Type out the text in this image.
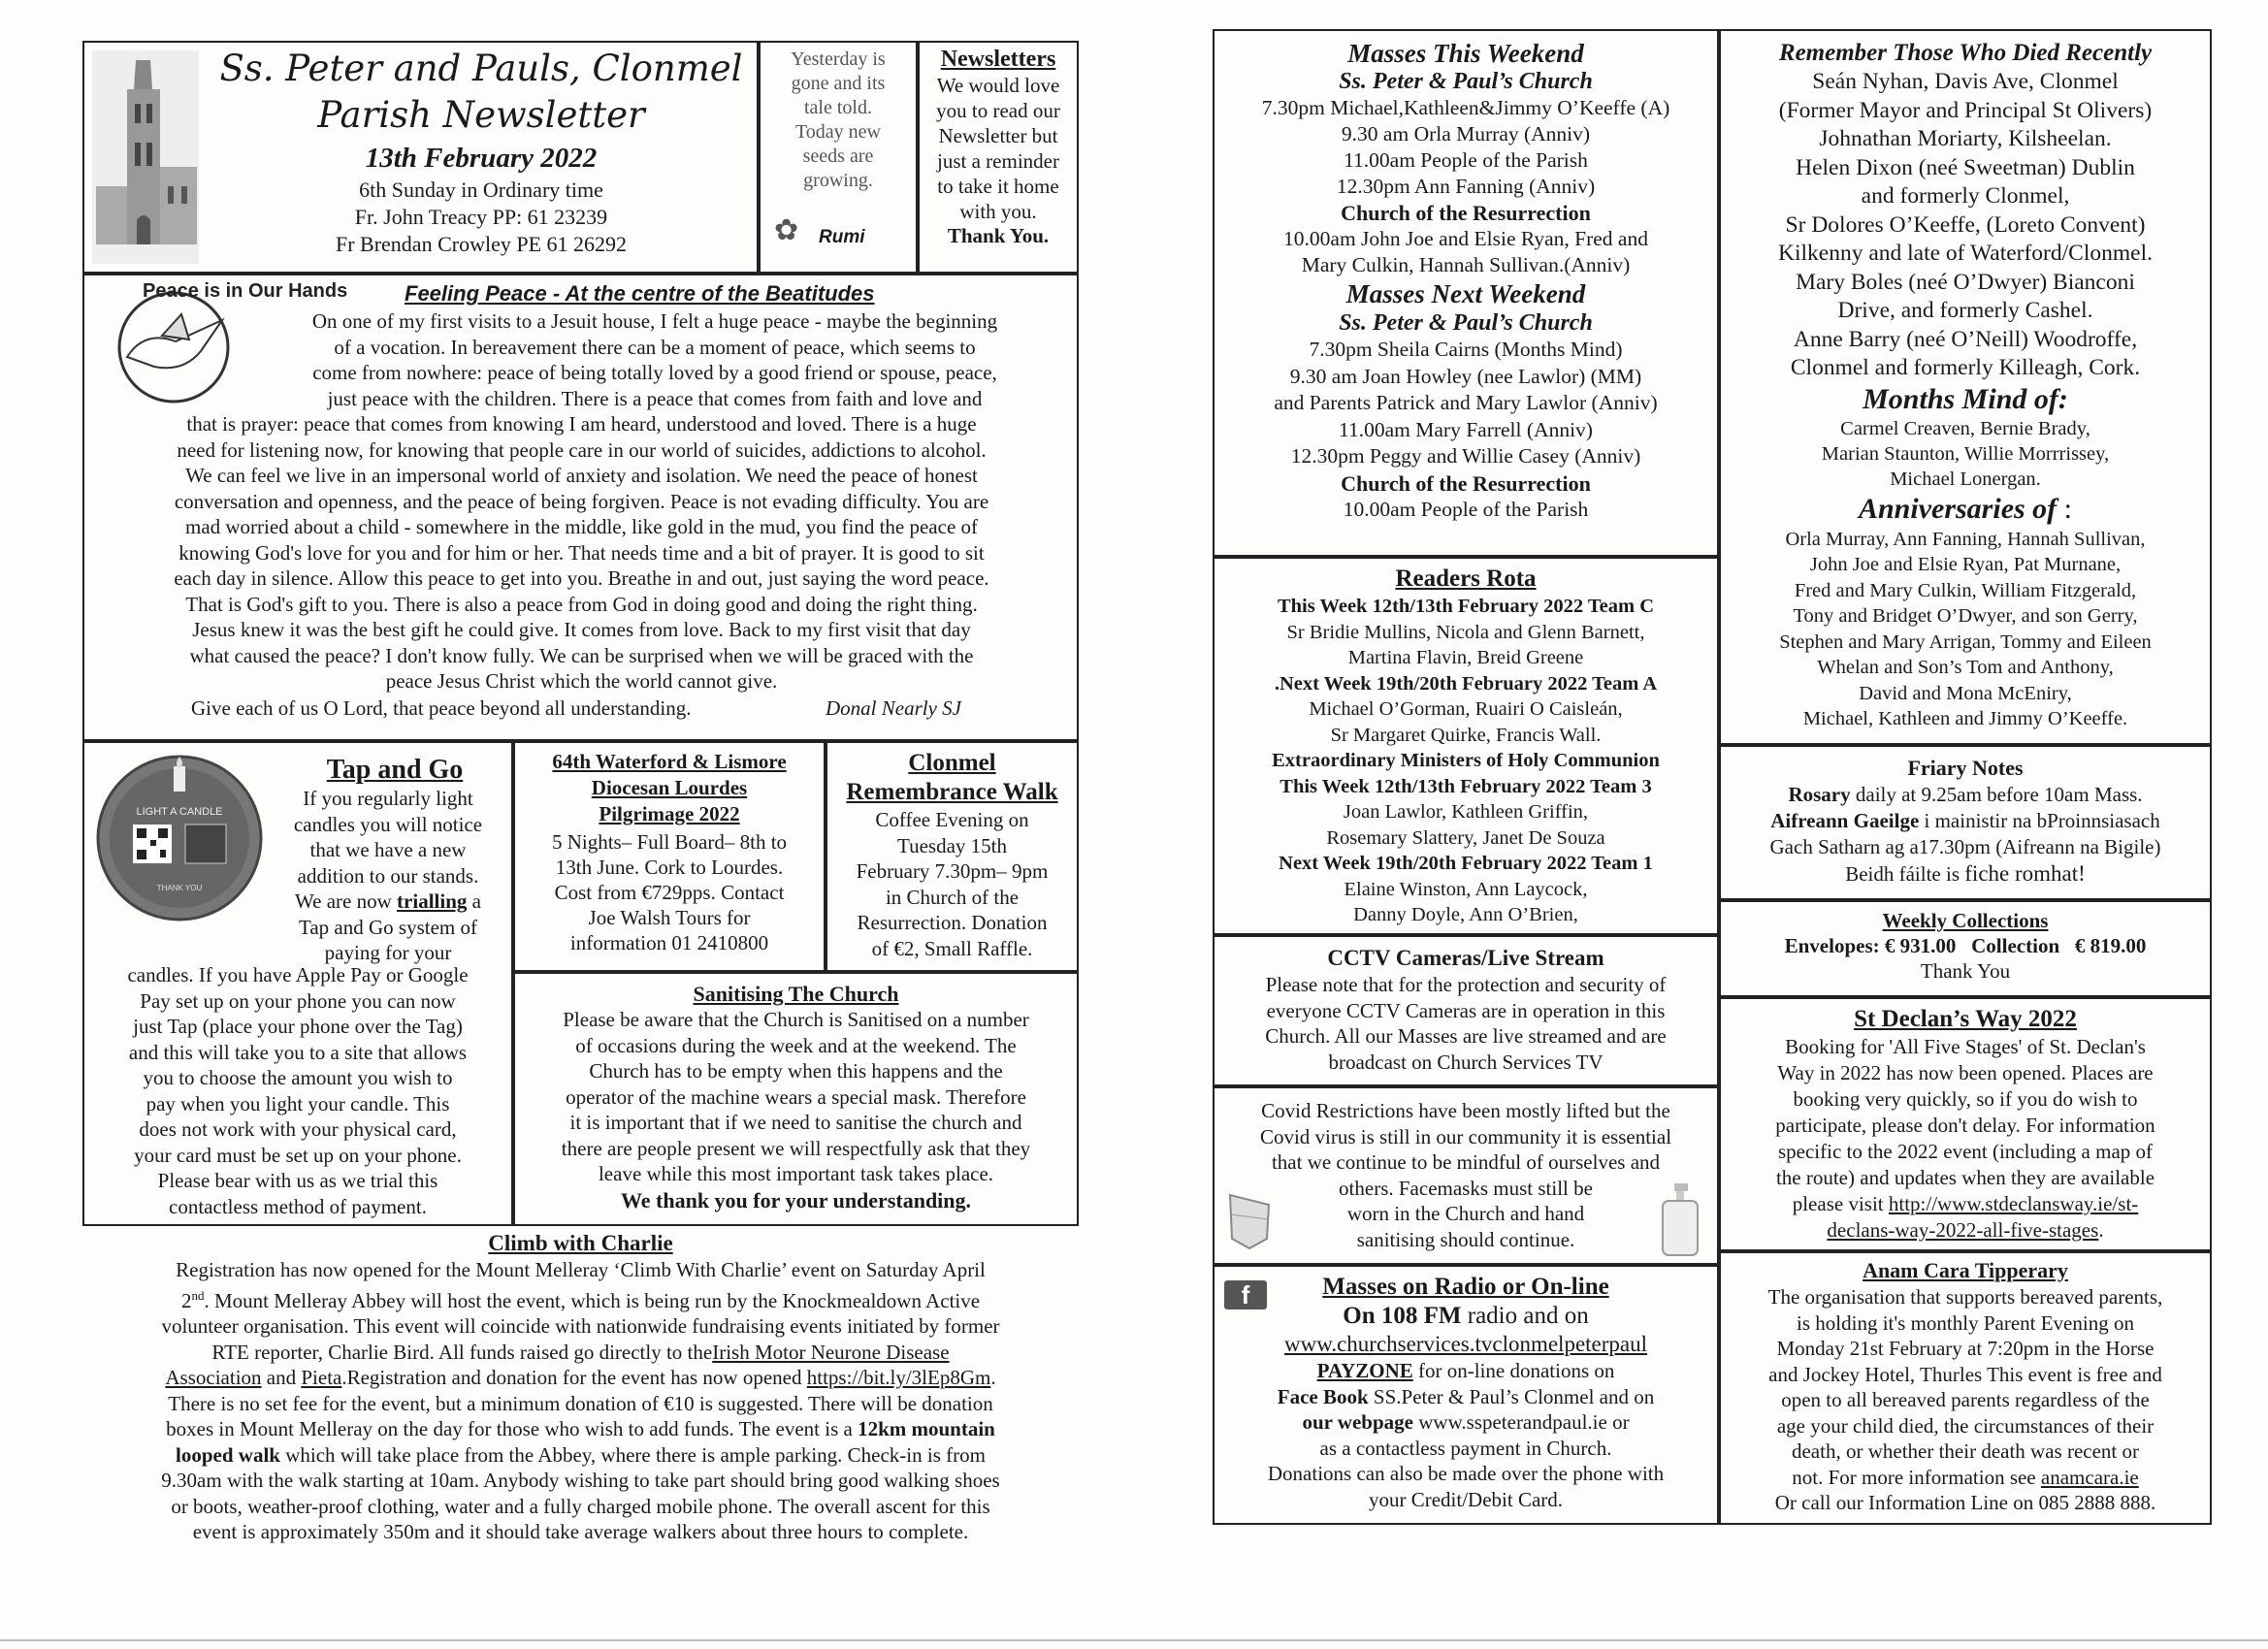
Ss. Peter and Pauls, Clonmel
Parish Newsletter
13th February 2022
6th Sunday in Ordinary time
Fr. John Treacy PP: 61 23239
Fr Brendan Crowley PE 61 26292
Yesterday is
gone and its
tale told.
Today new
seeds are
growing.
✿ Rumi
Newsletters
We would love
you to read our
Newsletter but
just a reminder
to take it home
with you.
Thank You.
Peace is in Our Hands	Feeling Peace - At the centre of the Beatitudes
On one of my first visits to a Jesuit house, I felt a huge peace - maybe the beginning
of a vocation. In bereavement there can be a moment of peace, which seems to
come from nowhere: peace of being totally loved by a good friend or spouse, peace,
just peace with the children. There is a peace that comes from faith and love and
that is prayer: peace that comes from knowing I am heard, understood and loved. There is a huge
need for listening now, for knowing that people care in our world of suicides, addictions to alcohol.
We can feel we live in an impersonal world of anxiety and isolation. We need the peace of honest
conversation and openness, and the peace of being forgiven. Peace is not evading difficulty. You are
mad worried about a child - somewhere in the middle, like gold in the mud, you find the peace of
knowing God's love for you and for him or her. That needs time and a bit of prayer. It is good to sit
each day in silence. Allow this peace to get into you. Breathe in and out, just saying the word peace.
That is God's gift to you. There is also a peace from God in doing good and doing the right thing.
Jesus knew it was the best gift he could give. It comes from love. Back to my first visit that day
what caused the peace? I don't know fully. We can be surprised when we will be graced with the
peace Jesus Christ which the world cannot give.
Give each of us O Lord, that peace beyond all understanding.	Donal Nearly SJ
LIGHT A CANDLE
THANK YOU
Tap and Go
If you regularly light
candles you will notice
that we have a new
addition to our stands.
We are now trialling a
Tap and Go system of
paying for your
candles. If you have Apple Pay or Google
Pay set up on your phone you can now
just Tap (place your phone over the Tag)
and this will take you to a site that allows
you to choose the amount you wish to
pay when you light your candle. This
does not work with your physical card,
your card must be set up on your phone.
Please bear with us as we trial this
contactless method of payment.
64th Waterford & Lismore
Diocesan Lourdes
Pilgrimage 2022
5 Nights– Full Board– 8th to
13th June. Cork to Lourdes.
Cost from €729pps. Contact
Joe Walsh Tours for
information 01 2410800
Clonmel
Remembrance Walk
Coffee Evening on
Tuesday 15th
February 7.30pm– 9pm
in Church of the
Resurrection. Donation
of €2, Small Raffle.
Sanitising The Church
Please be aware that the Church is Sanitised on a number
of occasions during the week and at the weekend. The
Church has to be empty when this happens and the
operator of the machine wears a special mask. Therefore
it is important that if we need to sanitise the church and
there are people present we will respectfully ask that they
leave while this most important task takes place.
We thank you for your understanding.
Climb with Charlie
Registration has now opened for the Mount Melleray ‘Climb With Charlie’ event on Saturday April
2nd. Mount Melleray Abbey will host the event, which is being run by the Knockmealdown Active
volunteer organisation. This event will coincide with nationwide fundraising events initiated by former
RTE reporter, Charlie Bird. All funds raised go directly to theIrish Motor Neurone Disease
Association and Pieta.Registration and donation for the event has now opened https://bit.ly/3lEp8Gm.
There is no set fee for the event, but a minimum donation of €10 is suggested. There will be donation
boxes in Mount Melleray on the day for those who wish to add funds. The event is a 12km mountain
looped walk which will take place from the Abbey, where there is ample parking. Check-in is from
9.30am with the walk starting at 10am. Anybody wishing to take part should bring good walking shoes
or boots, weather-proof clothing, water and a fully charged mobile phone. The overall ascent for this
event is approximately 350m and it should take average walkers about three hours to complete.
Masses This Weekend
Ss. Peter & Paul’s Church
7.30pm Michael,Kathleen&Jimmy O’Keeffe (A)
9.30 am Orla Murray (Anniv)
11.00am People of the Parish
12.30pm Ann Fanning (Anniv)
Church of the Resurrection
10.00am John Joe and Elsie Ryan, Fred and
Mary Culkin, Hannah Sullivan.(Anniv)
Masses Next Weekend
Ss. Peter & Paul’s Church
7.30pm Sheila Cairns (Months Mind)
9.30 am Joan Howley (nee Lawlor) (MM)
and Parents Patrick and Mary Lawlor (Anniv)
11.00am Mary Farrell (Anniv)
12.30pm Peggy and Willie Casey (Anniv)
Church of the Resurrection
10.00am People of the Parish
Readers Rota
This Week 12th/13th February 2022 Team C
Sr Bridie Mullins, Nicola and Glenn Barnett,
Martina Flavin, Breid Greene
.Next Week 19th/20th February 2022 Team A
Michael O’Gorman, Ruairi O Caisleán,
Sr Margaret Quirke, Francis Wall.
Extraordinary Ministers of Holy Communion
This Week 12th/13th February 2022 Team 3
Joan Lawlor, Kathleen Griffin,
Rosemary Slattery, Janet De Souza
Next Week 19th/20th February 2022 Team 1
Elaine Winston, Ann Laycock,
Danny Doyle, Ann O’Brien,
CCTV Cameras/Live Stream
Please note that for the protection and security of
everyone CCTV Cameras are in operation in this
Church. All our Masses are live streamed and are
broadcast on Church Services TV
Covid Restrictions have been mostly lifted but the
Covid virus is still in our community it is essential
that we continue to be mindful of ourselves and
others. Facemasks must still be
worn in the Church and hand
sanitising should continue.
f	Masses on Radio or On-line
On 108 FM radio and on
www.churchservices.tvclonmelpeterpaul
PAYZONE for on-line donations on
Face Book SS.Peter & Paul’s Clonmel and on
our webpage www.sspeterandpaul.ie or
as a contactless payment in Church.
Donations can also be made over the phone with
your Credit/Debit Card.
Remember Those Who Died Recently
Seán Nyhan, Davis Ave, Clonmel
(Former Mayor and Principal St Olivers)
Johnathan Moriarty, Kilsheelan.
Helen Dixon (neé Sweetman) Dublin
and formerly Clonmel,
Sr Dolores O’Keeffe, (Loreto Convent)
Kilkenny and late of Waterford/Clonmel.
Mary Boles (neé O’Dwyer) Bianconi
Drive, and formerly Cashel.
Anne Barry (neé O’Neill) Woodroffe,
Clonmel and formerly Killeagh, Cork.
Months Mind of:
Carmel Creaven, Bernie Brady,
Marian Staunton, Willie Morrrissey,
Michael Lonergan.
Anniversaries of :
Orla Murray, Ann Fanning, Hannah Sullivan,
John Joe and Elsie Ryan, Pat Murnane,
Fred and Mary Culkin, William Fitzgerald,
Tony and Bridget O’Dwyer, and son Gerry,
Stephen and Mary Arrigan, Tommy and Eileen
Whelan and Son’s Tom and Anthony,
David and Mona McEniry,
Michael, Kathleen and Jimmy O’Keeffe.
Friary Notes
Rosary daily at 9.25am before 10am Mass.
Aifreann Gaeilge i mainistir na bProinnsiasach
Gach Satharn ag a17.30pm (Aifreann na Bigile)
Beidh fáilte is fiche romhat!
Weekly Collections
Envelopes: € 931.00 Collection € 819.00
Thank You
St Declan’s Way 2022
Booking for 'All Five Stages' of St. Declan's
Way in 2022 has now been opened. Places are
booking very quickly, so if you do wish to
participate, please don't delay. For information
specific to the 2022 event (including a map of
the route) and updates when they are available
please visit http://www.stdeclansway.ie/st-
declans-way-2022-all-five-stages.
Anam Cara Tipperary
The organisation that supports bereaved parents,
is holding it's monthly Parent Evening on
Monday 21st February at 7:20pm in the Horse
and Jockey Hotel, Thurles This event is free and
open to all bereaved parents regardless of the
age your child died, the circumstances of their
death, or whether their death was recent or
not. For more information see anamcara.ie
Or call our Information Line on 085 2888 888.
